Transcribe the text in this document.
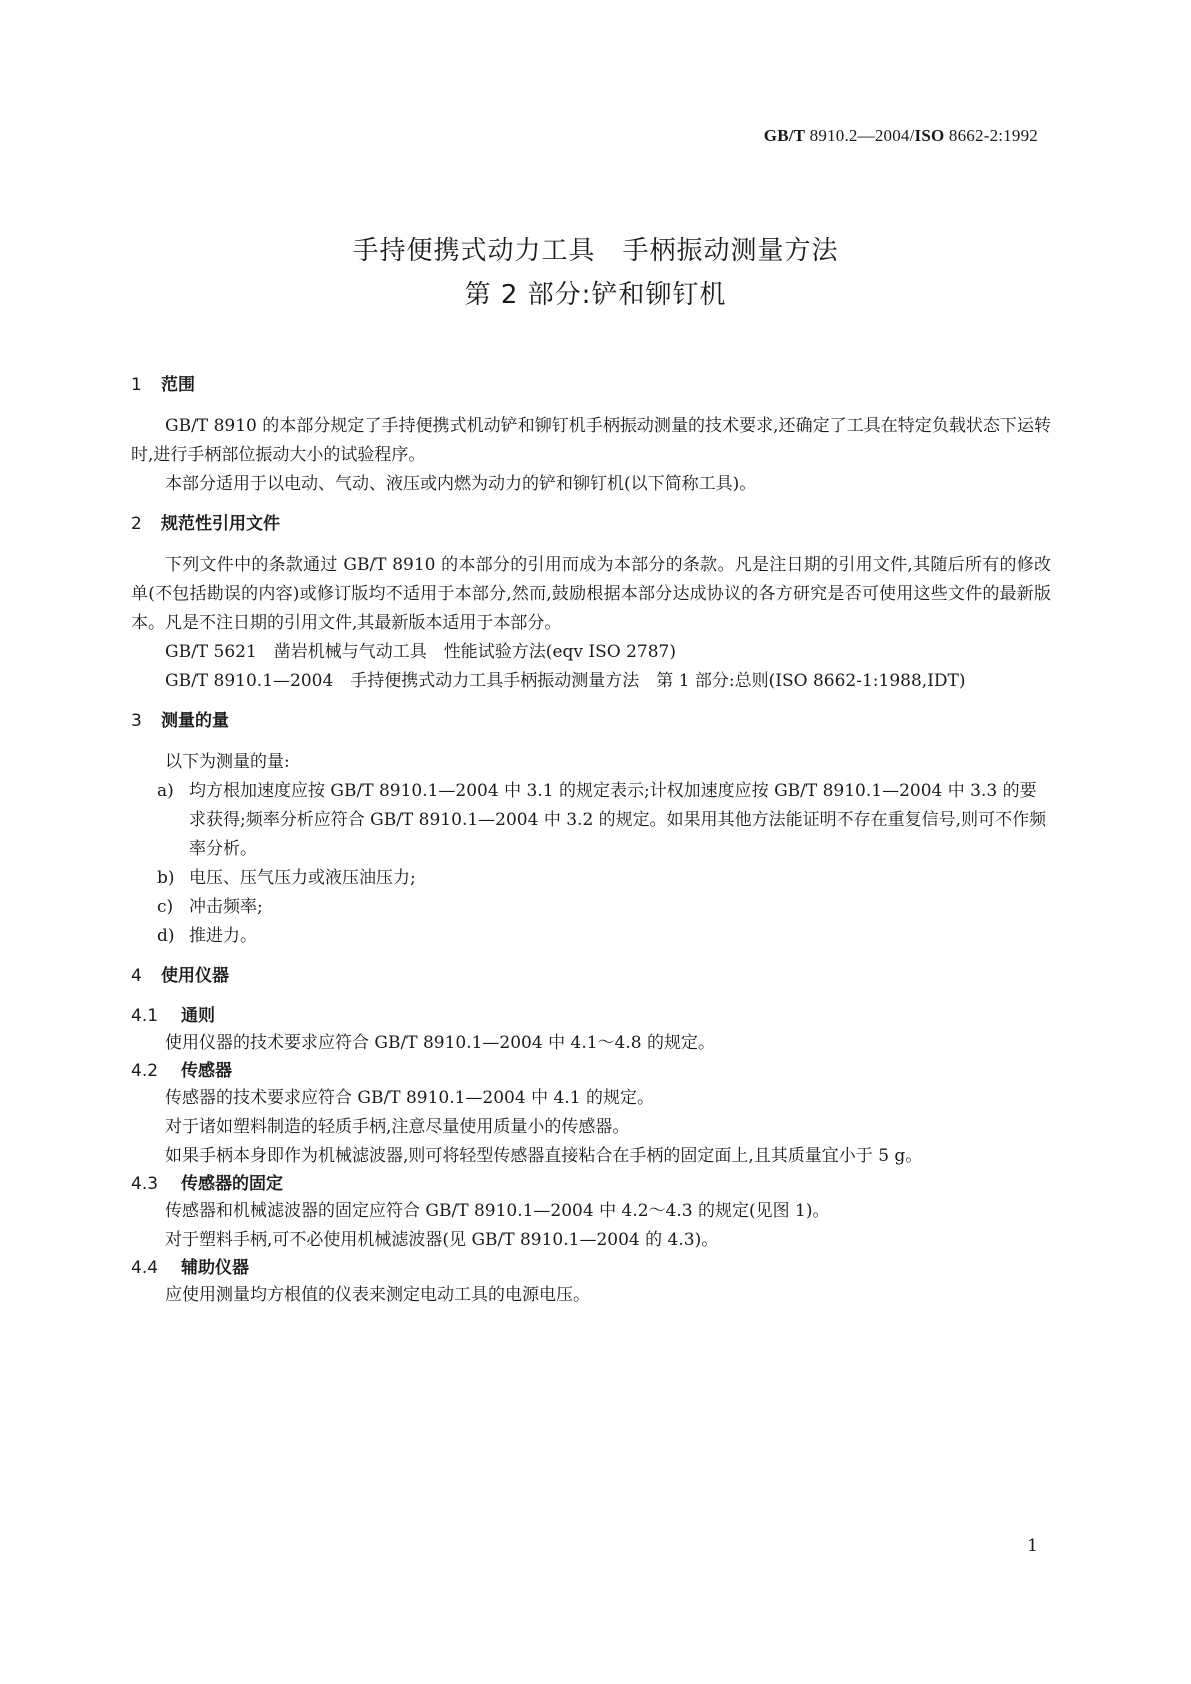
GB/T 8910.2—2004/ISO 8662-2:1992
手持便携式动力工具　手柄振动测量方法
第 2 部分:铲和铆钉机
1 范围

GB/T 8910 的本部分规定了手持便携式机动铲和铆钉机手柄振动测量的技术要求,还确定了工具在特定负载状态下运转时,进行手柄部位振动大小的试验程序。

本部分适用于以电动、气动、液压或内燃为动力的铲和铆钉机(以下简称工具)。

2 规范性引用文件

下列文件中的条款通过 GB/T 8910 的本部分的引用而成为本部分的条款。凡是注日期的引用文件,其随后所有的修改单(不包括勘误的内容)或修订版均不适用于本部分,然而,鼓励根据本部分达成协议的各方研究是否可使用这些文件的最新版本。凡是不注日期的引用文件,其最新版本适用于本部分。

GB/T 5621　凿岩机械与气动工具　性能试验方法(eqv ISO 2787)

GB/T 8910.1—2004　手持便携式动力工具手柄振动测量方法　第 1 部分:总则(ISO 8662-1:1988,IDT)

3 测量的量

以下为测量的量:

a) 均方根加速度应按 GB/T 8910.1—2004 中 3.1 的规定表示;计权加速度应按 GB/T 8910.1—2004 中 3.3 的要求获得;频率分析应符合 GB/T 8910.1—2004 中 3.2 的规定。如果用其他方法能证明不存在重复信号,则可不作频率分析。
b) 电压、压气压力或液压油压力;
c) 冲击频率;
d) 推进力。
4 使用仪器
4.1 通则

使用仪器的技术要求应符合 GB/T 8910.1—2004 中 4.1～4.8 的规定。

4.2 传感器

传感器的技术要求应符合 GB/T 8910.1—2004 中 4.1 的规定。

对于诸如塑料制造的轻质手柄,注意尽量使用质量小的传感器。

如果手柄本身即作为机械滤波器,则可将轻型传感器直接粘合在手柄的固定面上,且其质量宜小于 5 g。

4.3 传感器的固定

传感器和机械滤波器的固定应符合 GB/T 8910.1—2004 中 4.2～4.3 的规定(见图 1)。

对于塑料手柄,可不必使用机械滤波器(见 GB/T 8910.1—2004 的 4.3)。

4.4 辅助仪器

应使用测量均方根值的仪表来测定电动工具的电源电压。

1
